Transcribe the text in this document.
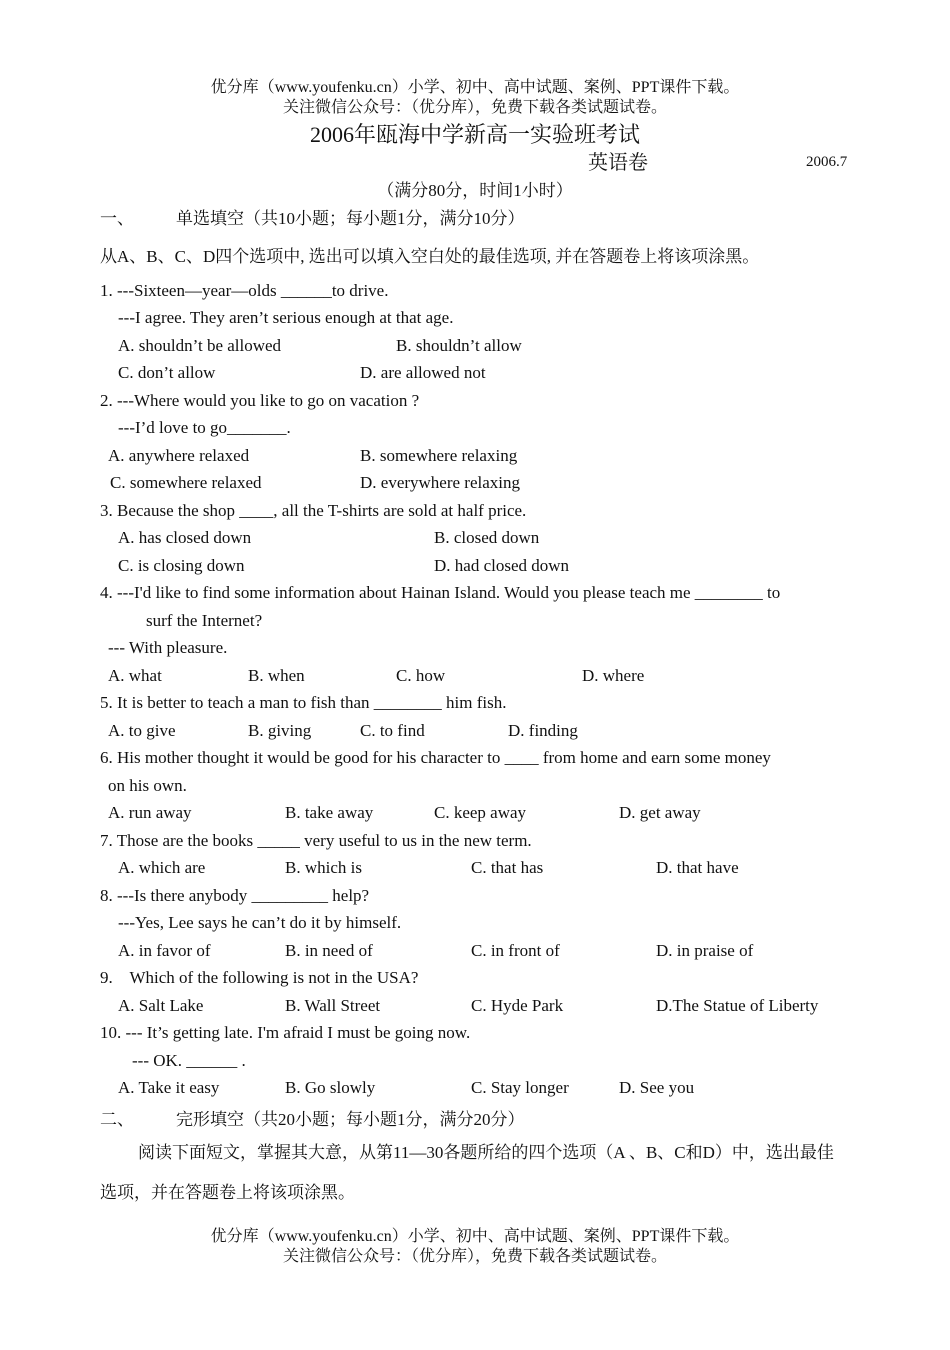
优分库（www.youfenku.cn）小学、初中、高中试题、案例、PPT课件下载。
关注微信公众号：（优分库），免费下载各类试题试卷。
2006年瓯海中学新高一实验班考试
英语卷	2006.7
（满分80分，时间1小时）
一、 单选填空（共10小题；每小题1分，满分10分）
从A、B、C、D四个选项中, 选出可以填入空白处的最佳选项, 并在答题卷上将该项涂黑。
1. ---Sixteen—year—olds ______to drive.
---I agree. They aren’t serious enough at that age.
A. shouldn’t be allowed	B. shouldn’t allow
C. don’t allow	D. are allowed not
2. ---Where would you like to go on vacation ?
---I’d love to go_______.
A. anywhere relaxed	B. somewhere relaxing
C. somewhere relaxed	D. everywhere relaxing
3. Because the shop ____, all the T-shirts are sold at half price.
A. has closed down	B. closed down
C. is closing down	D. had closed down
4. ---I'd like to find some information about Hainan Island. Would you please teach me ________ to
surf the Internet?
--- With pleasure.
A. what	B. when	C. how	D. where
5. It is better to teach a man to fish than ________ him fish.
A. to give	B. giving	C. to find	D. finding
6. His mother thought it would be good for his character to ____ from home and earn some money
on his own.
A. run away	B. take away	C. keep away	D. get away
7. Those are the books _____ very useful to us in the new term.
A. which are	B. which is	C. that has	D. that have
8. ---Is there anybody _________ help?
---Yes, Lee says he can’t do it by himself.
A. in favor of	B. in need of	C. in front of	D. in praise of
9.    Which of the following is not in the USA?
A. Salt Lake	B. Wall Street	C. Hyde Park	D.The Statue of Liberty
10. --- It’s getting late. I'm afraid I must be going now.
--- OK. ______ .
A. Take it easy	B. Go slowly	C. Stay longer	D. See you
二、 完形填空（共20小题；每小题1分，满分20分）
阅读下面短文，掌握其大意，从第11—30各题所给的四个选项（A 、B、C和D）中，选出最佳选项，并在答题卷上将该项涂黑。
优分库（www.youfenku.cn）小学、初中、高中试题、案例、PPT课件下载。
关注微信公众号：（优分库），免费下载各类试题试卷。
